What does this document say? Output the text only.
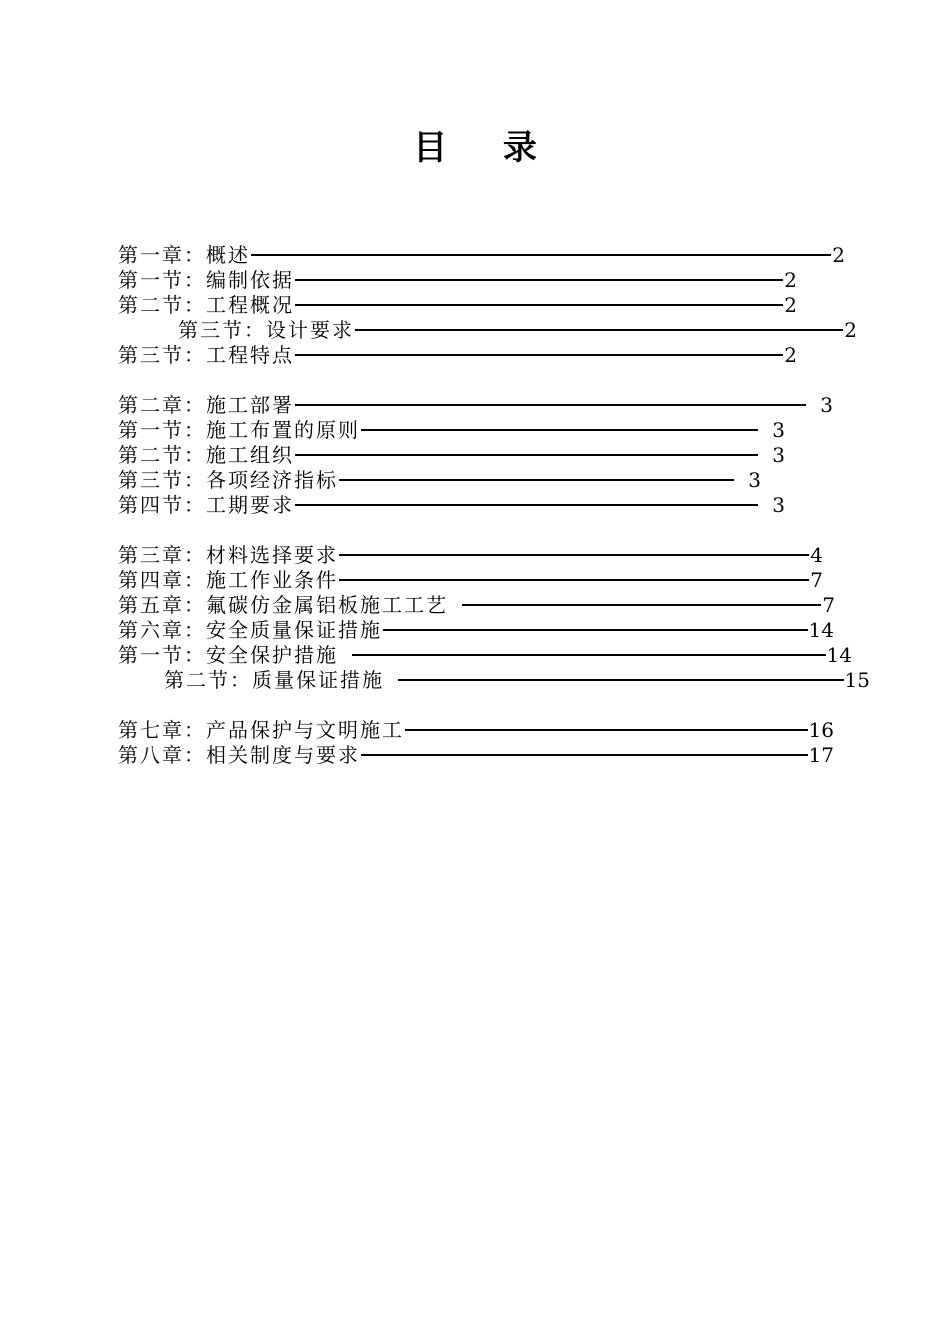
目 录
第一章：概述	2
第一节：编制依据	2
第二节：工程概况	2
第三节：设计要求	2
第三节：工程特点	2
第二章：施工部署	3
第一节：施工布置的原则	3
第二节：施工组织	3
第三节：各项经济指标	3
第四节：工期要求	3
第三章：材料选择要求	4
第四章：施工作业条件	7
第五章：氟碳仿金属铝板施工工艺	7
第六章：安全质量保证措施	14
第一节：安全保护措施	14
第二节：质量保证措施	15
第七章：产品保护与文明施工	16
第八章：相关制度与要求	17
